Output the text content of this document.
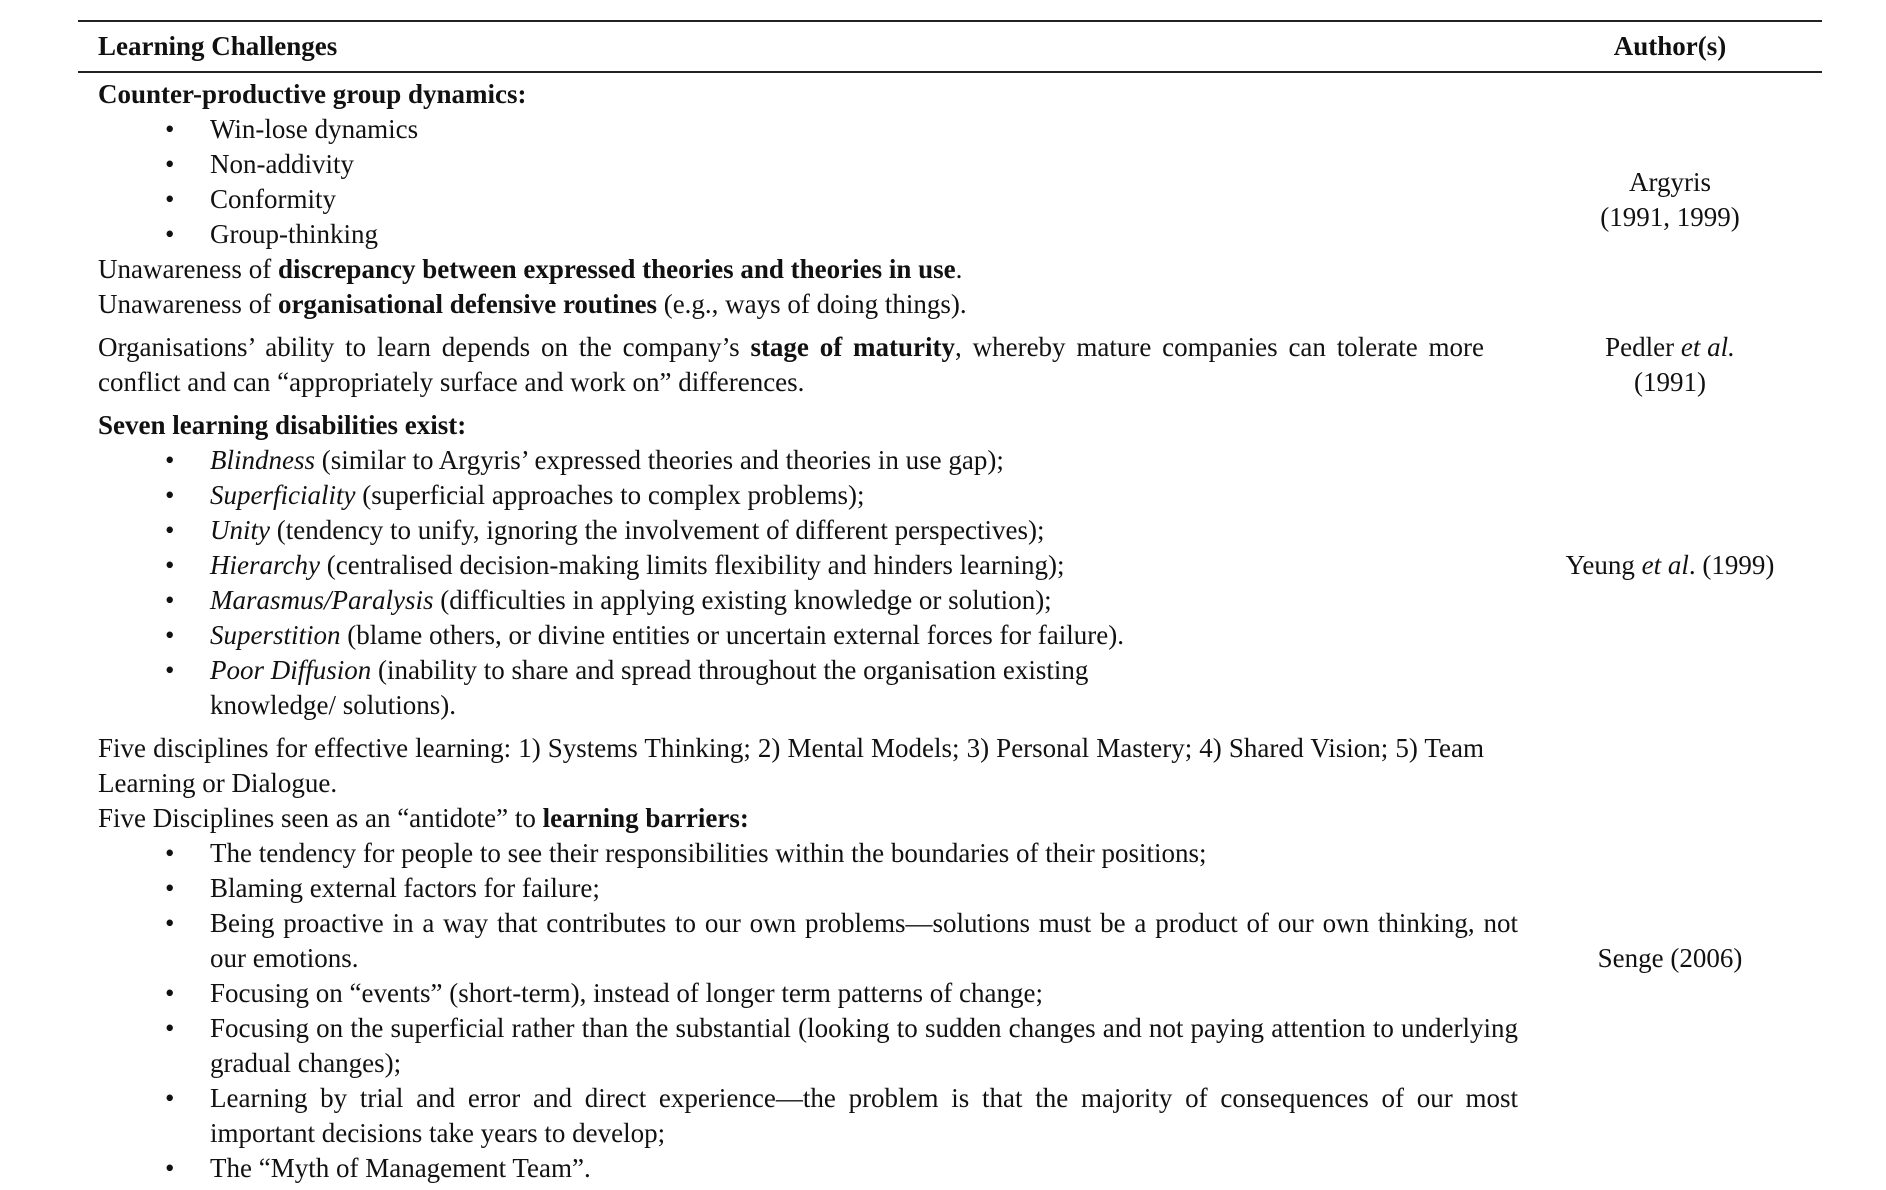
Learning Challenges	Author(s)
Counter-productive group dynamics:
• Win-lose dynamics
• Non-addivity
• Conformity
• Group-thinking
Unawareness of discrepancy between expressed theories and theories in use.
Unawareness of organisational defensive routines (e.g., ways of doing things).
Argyris
(1991, 1999)
Organisations’ ability to learn depends on the company’s stage of maturity, whereby mature companies can tolerate more conflict and can “appropriately surface and work on” differences.
Pedler et al.
(1991)
Seven learning disabilities exist:
• Blindness (similar to Argyris’ expressed theories and theories in use gap);
• Superficiality (superficial approaches to complex problems);
• Unity (tendency to unify, ignoring the involvement of different perspectives);
• Hierarchy (centralised decision-making limits flexibility and hinders learning);
• Marasmus/Paralysis (difficulties in applying existing knowledge or solution);
• Superstition (blame others, or divine entities or uncertain external forces for failure).
• Poor Diffusion (inability to share and spread throughout the organisation existing knowledge/ solutions).
Yeung et al. (1999)
Five disciplines for effective learning: 1) Systems Thinking; 2) Mental Models; 3) Personal Mastery; 4) Shared Vision; 5) Team Learning or Dialogue.
Five Disciplines seen as an “antidote” to learning barriers:
• The tendency for people to see their responsibilities within the boundaries of their positions;
• Blaming external factors for failure;
• Being proactive in a way that contributes to our own problems—solutions must be a product of our own thinking, not our emotions.
• Focusing on “events” (short-term), instead of longer term patterns of change;
• Focusing on the superficial rather than the substantial (looking to sudden changes and not paying attention to underlying gradual changes);
• Learning by trial and error and direct experience—the problem is that the majority of consequences of our most important decisions take years to develop;
• The “Myth of Management Team”.
Senge (2006)
